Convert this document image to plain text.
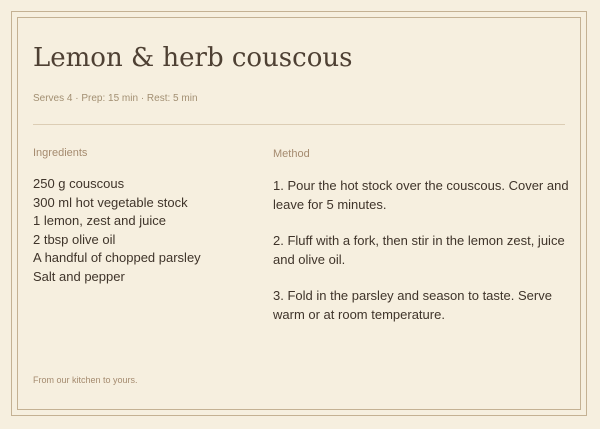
Lemon & herb couscous
Serves 4 · Prep: 15 min · Rest: 5 min
Ingredients	Method
250 g couscous
300 ml hot vegetable stock
1 lemon, zest and juice
2 tbsp olive oil
A handful of chopped parsley
Salt and pepper

1. Pour the hot stock over the couscous. Cover and leave for 5 minutes.

2. Fluff with a fork, then stir in the lemon zest, juice and olive oil.

3. Fold in the parsley and season to taste. Serve warm or at room temperature.

From our kitchen to yours.
